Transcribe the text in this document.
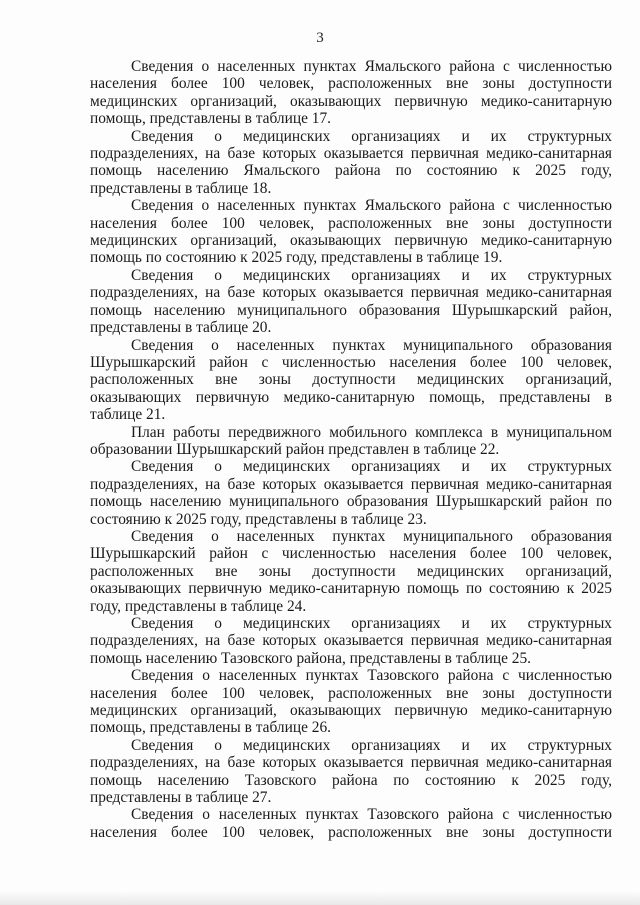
3

Сведения о населенных пунктах Ямальского района с численностью населения более 100 человек, расположенных вне зоны доступности медицинских организаций, оказывающих первичную медико-санитарную помощь, представлены в таблице 17.

Сведения о медицинских организациях и их структурных подразделениях, на базе которых оказывается первичная медико-санитарная помощь населению Ямальского района по состоянию к 2025 году, представлены в таблице 18.

Сведения о населенных пунктах Ямальского района с численностью населения более 100 человек, расположенных вне зоны доступности медицинских организаций, оказывающих первичную медико-санитарную помощь по состоянию к 2025 году, представлены в таблице 19.

Сведения о медицинских организациях и их структурных подразделениях, на базе которых оказывается первичная медико-санитарная помощь населению муниципального образования Шурышкарский район, представлены в таблице 20.

Сведения о населенных пунктах муниципального образования Шурышкарский район с численностью населения более 100 человек, расположенных вне зоны доступности медицинских организаций, оказывающих первичную медико-санитарную помощь, представлены в таблице 21.

План работы передвижного мобильного комплекса в муниципальном образовании Шурышкарский район представлен в таблице 22.

Сведения о медицинских организациях и их структурных подразделениях, на базе которых оказывается первичная медико-санитарная помощь населению муниципального образования Шурышкарский район по состоянию к 2025 году, представлены в таблице 23.

Сведения о населенных пунктах муниципального образования Шурышкарский район с численностью населения более 100 человек, расположенных вне зоны доступности медицинских организаций, оказывающих первичную медико-санитарную помощь по состоянию к 2025 году, представлены в таблице 24.

Сведения о медицинских организациях и их структурных подразделениях, на базе которых оказывается первичная медико-санитарная помощь населению Тазовского района, представлены в таблице 25.

Сведения о населенных пунктах Тазовского района с численностью населения более 100 человек, расположенных вне зоны доступности медицинских организаций, оказывающих первичную медико-санитарную помощь, представлены в таблице 26.

Сведения о медицинских организациях и их структурных подразделениях, на базе которых оказывается первичная медико-санитарная помощь населению Тазовского района по состоянию к 2025 году, представлены в таблице 27.

Сведения о населенных пунктах Тазовского района с численностью населения более 100 человек, расположенных вне зоны доступности
